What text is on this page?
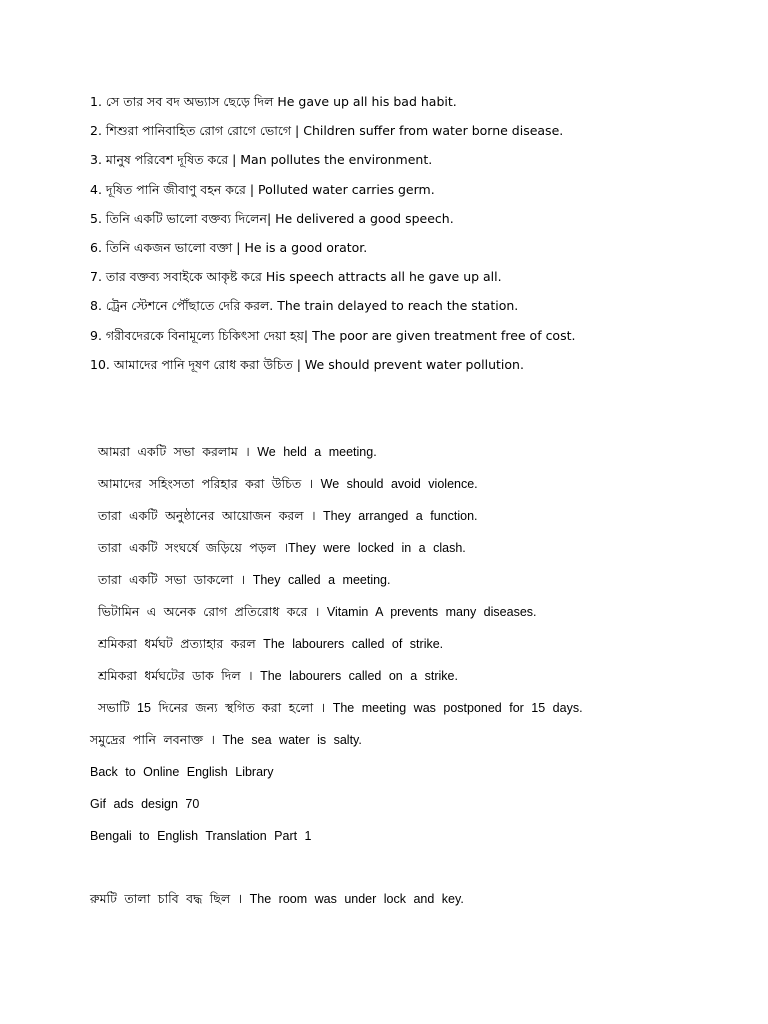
1. সে তার সব বদ অভ্যাস ছেড়ে দিল He gave up all his bad habit.
2. শিশুরা পানিবাহিত রোগ রোগে ভোগে | Children suffer from water borne disease.
3. মানুষ পরিবেশ দূষিত করে | Man pollutes the environment.
4. দূষিত পানি জীবাণু বহন করে | Polluted water carries germ.
5. তিনি একটি ভালো বক্তব্য দিলেন| He delivered a good speech.
6. তিনি একজন ভালো বক্তা | He is a good orator.
7. তার বক্তব্য সবাইকে আকৃষ্ট করে His speech attracts all he gave up all.
8. ট্রেন স্টেশনে পৌঁছাতে দেরি করল. The train delayed to reach the station.
9. গরীবদেরকে বিনামূল্যে চিকিৎসা দেয়া হয়| The poor are given treatment free of cost.
10. আমাদের পানি দূষণ রোধ করা উচিত | We should prevent water pollution.
আমরা একটি সভা করলাম । We held a meeting.
আমাদের সহিংসতা পরিহার করা উচিত । We should avoid violence.
তারা একটি অনুষ্ঠানের আয়োজন করল । They arranged a function.
তারা একটি সংঘর্ষে জড়িয়ে পড়ল ।They were locked in a clash.
তারা একটি সভা ডাকলো । They called a meeting.
ভিটামিন এ অনেক রোগ প্রতিরোধ করে । Vitamin A prevents many diseases.
শ্রমিকরা ধর্মঘট প্রত্যাহার করল The labourers called of strike.
শ্রমিকরা ধর্মঘটের ডাক দিল । The labourers called on a strike.
সভাটি 15 দিনের জন্য স্থগিত করা হলো । The meeting was postponed for 15 days.
সমুদ্রের পানি লবনাক্ত । The sea water is salty.
Back to Online English Library
Gif ads design 70
Bengali to English Translation Part 1
রুমটি তালা চাবি বদ্ধ ছিল । The room was under lock and key.
